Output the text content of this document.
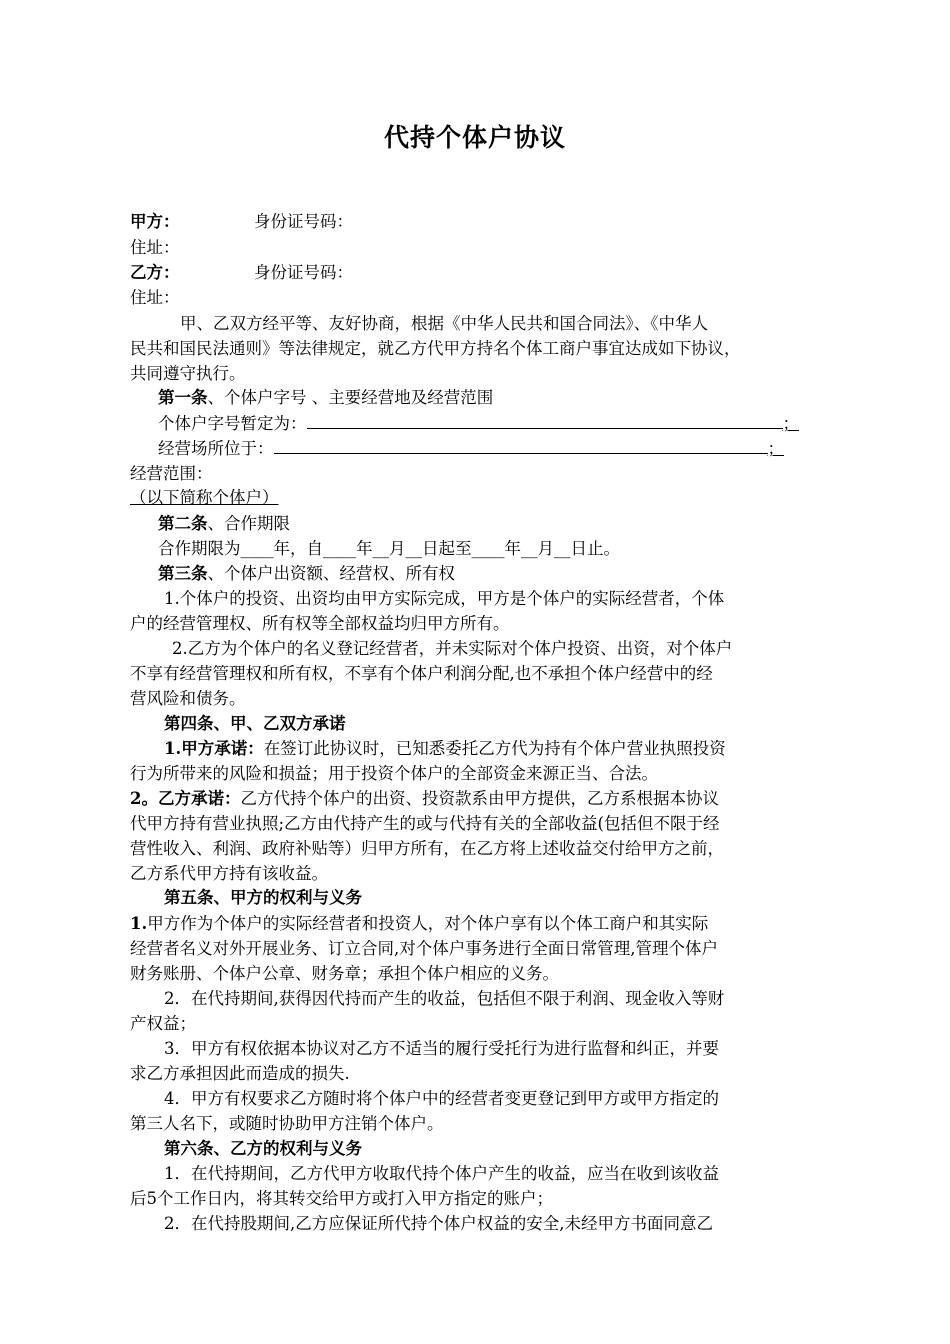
代持个体户协议
甲方：	身份证号码：
住址：
乙方：	身份证号码：
住址：
甲、乙双方经平等、友好协商，根据《中华人民共和国合同法》、《中华人
民共和国民法通则》等法律规定，就乙方代甲方持名个体工商户事宜达成如下协议，
共同遵守执行。
第一条、个体户字号 、主要经营地及经营范围
个体户字号暂定为：	；
经营场所位于：	；
经营范围：
（以下简称个体户）
第二条、合作期限
合作期限为____年，自____年__月__日起至____年__月__日止。
第三条、个体户出资额、经营权、所有权
1.个体户的投资、出资均由甲方实际完成，甲方是个体户的实际经营者，个体
户的经营管理权、所有权等全部权益均归甲方所有。
2.乙方为个体户的名义登记经营者，并未实际对个体户投资、出资，对个体户
不享有经营管理权和所有权，不享有个体户利润分配,也不承担个体户经营中的经
营风险和债务。
第四条、甲、乙双方承诺
1.甲方承诺：在签订此协议时，已知悉委托乙方代为持有个体户营业执照投资
行为所带来的风险和损益；用于投资个体户的全部资金来源正当、合法。
2。乙方承诺：乙方代持个体户的出资、投资款系由甲方提供，乙方系根据本协议
代甲方持有营业执照;乙方由代持产生的或与代持有关的全部收益(包括但不限于经
营性收入、利润、政府补贴等）归甲方所有，在乙方将上述收益交付给甲方之前，
乙方系代甲方持有该收益。
第五条、甲方的权利与义务
1.甲方作为个体户的实际经营者和投资人，对个体户享有以个体工商户和其实际
经营者名义对外开展业务、订立合同,对个体户事务进行全面日常管理,管理个体户
财务账册、个体户公章、财务章；承担个体户相应的义务。
2．在代持期间,获得因代持而产生的收益，包括但不限于利润、现金收入等财
产权益；
3．甲方有权依据本协议对乙方不适当的履行受托行为进行监督和纠正，并要
求乙方承担因此而造成的损失.
4．甲方有权要求乙方随时将个体户中的经营者变更登记到甲方或甲方指定的
第三人名下，或随时协助甲方注销个体户。
第六条、乙方的权利与义务
1．在代持期间，乙方代甲方收取代持个体户产生的收益，应当在收到该收益
后5个工作日内，将其转交给甲方或打入甲方指定的账户；
2．在代持股期间,乙方应保证所代持个体户权益的安全,未经甲方书面同意乙
